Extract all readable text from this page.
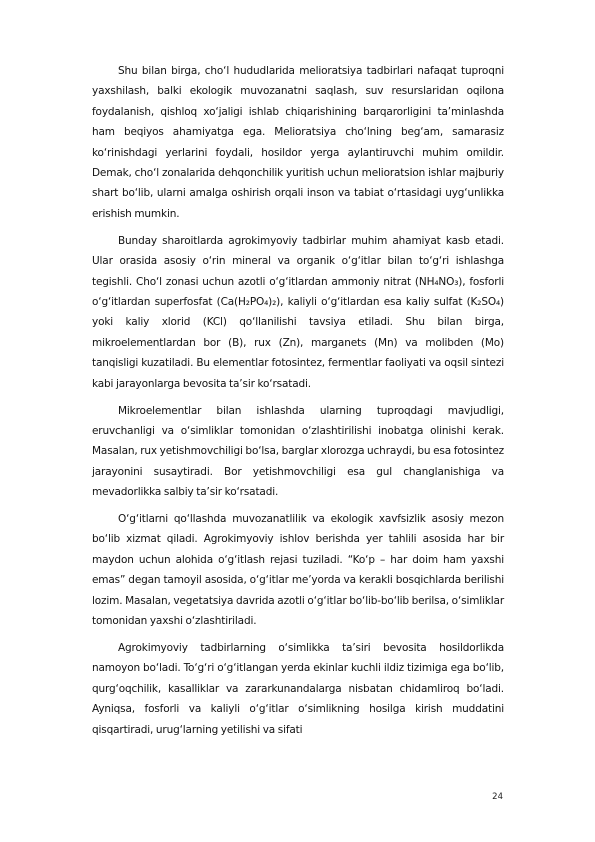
Shu bilan birga, cho‘l hududlarida melioratsiya tadbirlari nafaqat tuproqni yaxshilash, balki ekologik muvozanatni saqlash, suv resurslaridan oqilona foydalanish, qishloq xo‘jaligi ishlab chiqarishining barqarorligini ta’minlashda ham beqiyos ahamiyatga ega. Melioratsiya cho‘lning beg‘am, samarasiz ko‘rinishdagi yerlarini foydali, hosildor yerga aylantiruvchi muhim omildir. Demak, cho‘l zonalarida dehqonchilik yuritish uchun melioratsion ishlar majburiy shart bo‘lib, ularni amalga oshirish orqali inson va tabiat o‘rtasidagi uyg‘unlikka erishish mumkin.

Bunday sharoitlarda agrokimyoviy tadbirlar muhim ahamiyat kasb etadi. Ular orasida asosiy o‘rin mineral va organik o‘g‘itlar bilan to‘g‘ri ishlashga tegishli. Cho‘l zonasi uchun azotli o‘g‘itlardan ammoniy nitrat (NH₄NO₃), fosforli o‘g‘itlardan superfosfat (Ca(H₂PO₄)₂), kaliyli o‘g‘itlardan esa kaliy sulfat (K₂SO₄) yoki kaliy xlorid (KCl) qo‘llanilishi tavsiya etiladi. Shu bilan birga, mikroelementlardan bor (B), rux (Zn), marganets (Mn) va molibden (Mo) tanqisligi kuzatiladi. Bu elementlar fotosintez, fermentlar faoliyati va oqsil sintezi kabi jarayonlarga bevosita ta’sir ko‘rsatadi.

Mikroelementlar bilan ishlashda ularning tuproqdagi mavjudligi, eruvchanligi va o‘simliklar tomonidan o‘zlashtirilishi inobatga olinishi kerak. Masalan, rux yetishmovchiligi bo‘lsa, barglar xlorozga uchraydi, bu esa fotosintez jarayonini susaytiradi. Bor yetishmovchiligi esa gul changlanishiga va mevadorlikka salbiy ta’sir ko‘rsatadi.

O‘g‘itlarni qo‘llashda muvozanatlilik va ekologik xavfsizlik asosiy mezon bo‘lib xizmat qiladi. Agrokimyoviy ishlov berishda yer tahlili asosida har bir maydon uchun alohida o‘g‘itlash rejasi tuziladi. “Ko‘p – har doim ham yaxshi emas” degan tamoyil asosida, o‘g‘itlar me’yorda va kerakli bosqichlarda berilishi lozim. Masalan, vegetatsiya davrida azotli o‘g‘itlar bo‘lib-bo‘lib berilsa, o‘simliklar tomonidan yaxshi o‘zlashtiriladi.

Agrokimyoviy tadbirlarning o‘simlikka ta’siri bevosita hosildorlikda namoyon bo‘ladi. To‘g‘ri o‘g‘itlangan yerda ekinlar kuchli ildiz tizimiga ega bo‘lib, qurg‘oqchilik, kasalliklar va zararkunandalarga nisbatan chidamliroq bo‘ladi. Ayniqsa, fosforli va kaliyli o‘g‘itlar o‘simlikning hosilga kirish muddatini qisqartiradi, urug‘larning yetilishi va sifati

24
